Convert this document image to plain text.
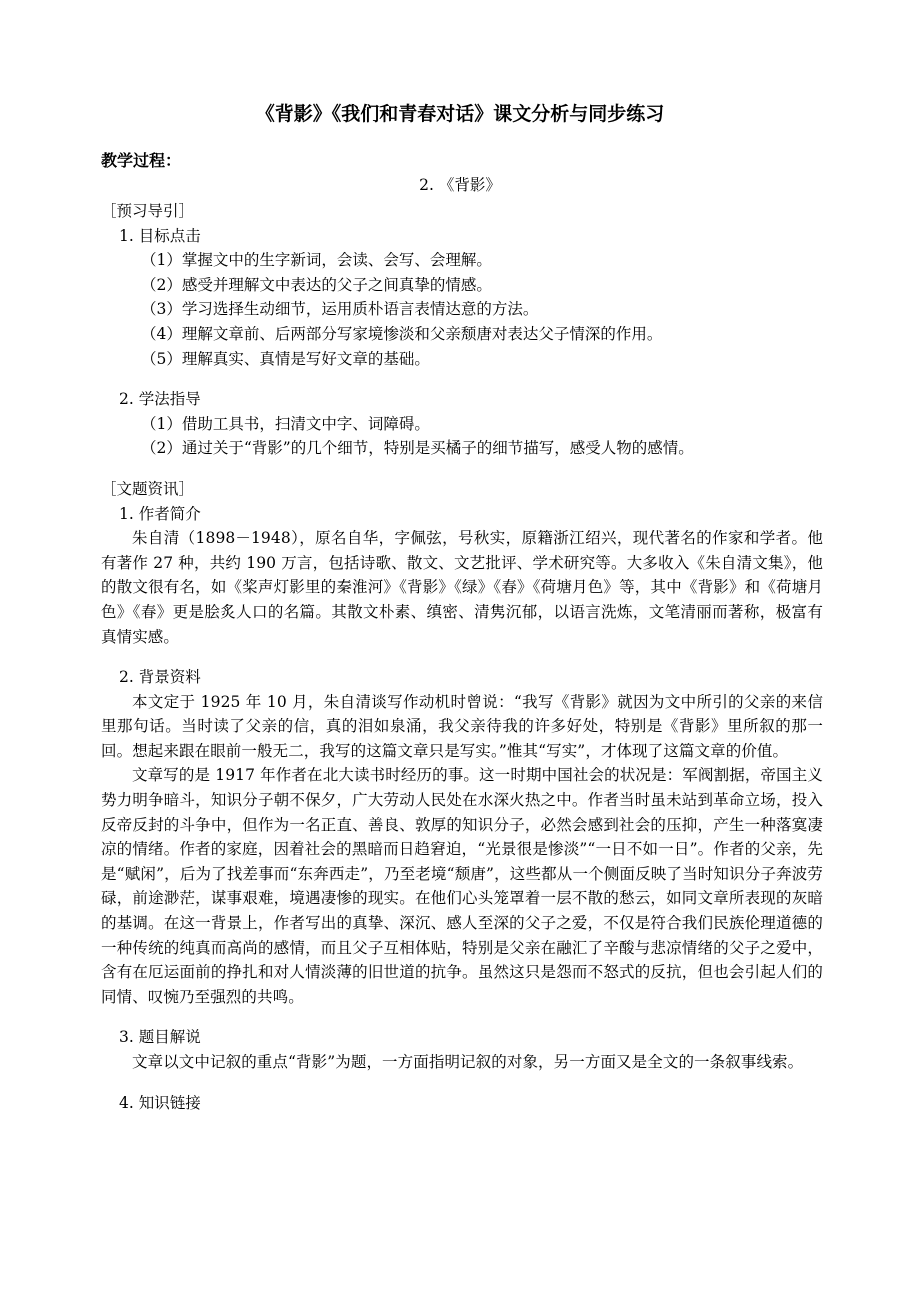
《背影》《我们和青春对话》课文分析与同步练习
教学过程：
2. 《背影》
［预习导引］
1. 目标点击
（1）掌握文中的生字新词，会读、会写、会理解。
（2）感受并理解文中表达的父子之间真挚的情感。
（3）学习选择生动细节，运用质朴语言表情达意的方法。
（4）理解文章前、后两部分写家境惨淡和父亲颓唐对表达父子情深的作用。
（5）理解真实、真情是写好文章的基础。
2. 学法指导
（1）借助工具书，扫清文中字、词障碍。
（2）通过关于“背影”的几个细节，特别是买橘子的细节描写，感受人物的感情。
［文题资讯］
1. 作者简介
朱自清（1898－1948），原名自华，字佩弦，号秋实，原籍浙江绍兴，现代著名的作家和学者。他有著作 27 种，共约 190 万言，包括诗歌、散文、文艺批评、学术研究等。大多收入《朱自清文集》，他的散文很有名，如《桨声灯影里的秦淮河》《背影》《绿》《春》《荷塘月色》等，其中《背影》和《荷塘月色》《春》更是脍炙人口的名篇。其散文朴素、缜密、清隽沉郁，以语言洗炼，文笔清丽而著称，极富有真情实感。
2. 背景资料
本文定于 1925 年 10 月，朱自清谈写作动机时曾说：“我写《背影》就因为文中所引的父亲的来信里那句话。当时读了父亲的信，真的泪如泉涌，我父亲待我的许多好处，特别是《背影》里所叙的那一回。想起来跟在眼前一般无二，我写的这篇文章只是写实。”惟其“写实”，才体现了这篇文章的价值。
文章写的是 1917 年作者在北大读书时经历的事。这一时期中国社会的状况是：军阀割据，帝国主义势力明争暗斗，知识分子朝不保夕，广大劳动人民处在水深火热之中。作者当时虽未站到革命立场，投入反帝反封的斗争中，但作为一名正直、善良、敦厚的知识分子，必然会感到社会的压抑，产生一种落寞凄凉的情绪。作者的家庭，因着社会的黑暗而日趋窘迫，“光景很是惨淡”“一日不如一日”。作者的父亲，先是“赋闲”，后为了找差事而“东奔西走”，乃至老境“颓唐”，这些都从一个侧面反映了当时知识分子奔波劳碌，前途渺茫，谋事艰难，境遇凄惨的现实。在他们心头笼罩着一层不散的愁云，如同文章所表现的灰暗的基调。在这一背景上，作者写出的真挚、深沉、感人至深的父子之爱，不仅是符合我们民族伦理道德的一种传统的纯真而高尚的感情，而且父子互相体贴，特别是父亲在融汇了辛酸与悲凉情绪的父子之爱中，含有在厄运面前的挣扎和对人情淡薄的旧世道的抗争。虽然这只是怨而不怒式的反抗，但也会引起人们的同情、叹惋乃至强烈的共鸣。
3. 题目解说
文章以文中记叙的重点“背影”为题，一方面指明记叙的对象，另一方面又是全文的一条叙事线索。
4. 知识链接
